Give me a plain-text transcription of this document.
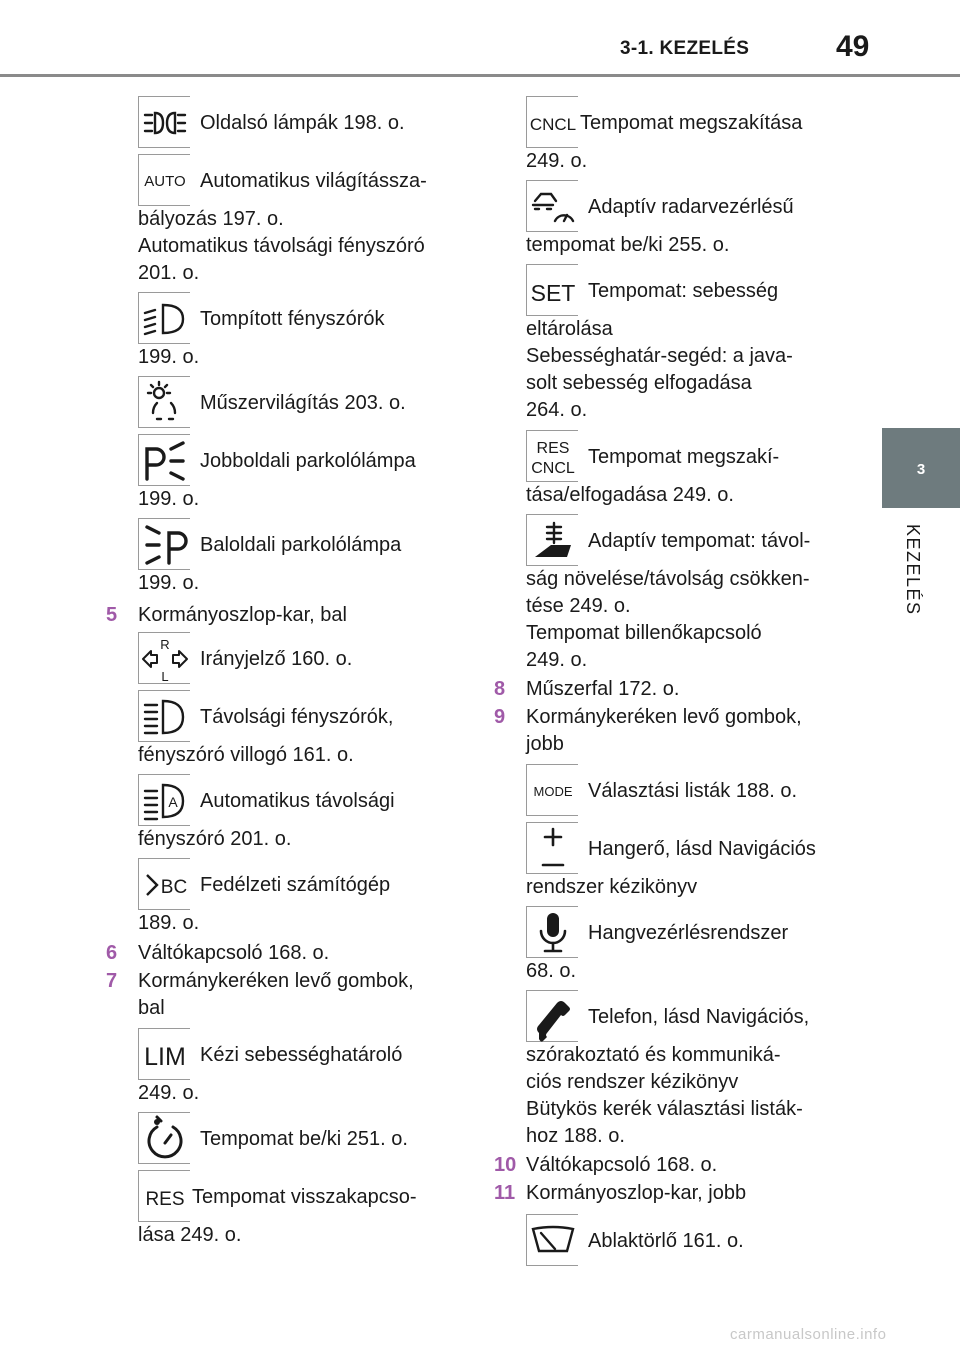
3-1. KEZELÉS	49
3
KEZELÉS
Oldalsó lámpák 198. o.
AUTO Automatikus világítássza-
bályozás 197. o.
Automatikus távolsági fényszóró
201. o.
Tompított fényszórók
199. o.
Műszervilágítás 203. o.
Jobboldali parkolólámpa
199. o.
Baloldali parkolólámpa
199. o.
5 Kormányoszlop-kar, bal
R
L
Irányjelző 160. o.
Távolsági fényszórók,
fényszóró villogó 161. o.
A Automatikus távolsági
fényszóró 201. o.
BC Fedélzeti számítógép
189. o.
6 Váltókapcsoló 168. o.
7 Kormánykeréken levő gombok,
bal
LIM Kézi sebességhatároló
249. o.
Tempomat be/ki 251. o.
RES Tempomat visszakapcso-
lása 249. o.
CNCL Tempomat megszakítása
249. o.
Adaptív radarvezérlésű
tempomat be/ki 255. o.
SET Tempomat: sebesség
eltárolása
Sebességhatár-segéd: a java-
solt sebesség elfogadása
264. o.
RES
CNCL
Tempomat megszakí-
tása/elfogadása 249. o.
Adaptív tempomat: távol-
ság növelése/távolság csökken-
tése 249. o.
Tempomat billenőkapcsoló
249. o.
8 Műszerfal 172. o.
9 Kormánykeréken levő gombok,
jobb
MODE Választási listák 188. o.
Hangerő, lásd Navigációs
rendszer kézikönyv
Hangvezérlésrendszer
68. o.
Telefon, lásd Navigációs,
szórakoztató és kommuniká-
ciós rendszer kézikönyv
Bütykös kerék választási listák-
hoz 188. o.
10 Váltókapcsoló 168. o.
11 Kormányoszlop-kar, jobb
Ablaktörlő 161. o.
carmanualsonline.info
